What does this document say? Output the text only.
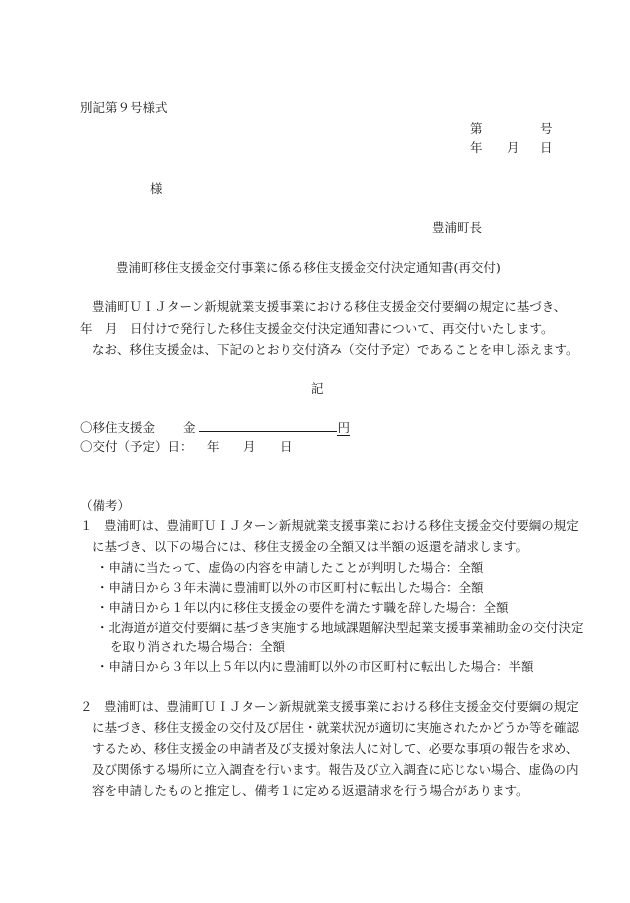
別記第９号様式
第	号
年 月 日
様
豊浦町長
豊浦町移住支援金交付事業に係る移住支援金交付決定通知書(再交付)
豊浦町ＵＩＪターン新規就業支援事業における移住支援金交付要綱の規定に基づき、
年　月　日付けで発行した移住支援金交付決定通知書について、再交付いたします。
なお、移住支援金は、下記のとおり交付済み（交付予定）であることを申し添えます。
記
〇移住支援金 金	円
〇交付（予定）日： 年 月 日
（備考）
１ 豊浦町は、豊浦町ＵＩＪターン新規就業支援事業における移住支援金交付要綱の規定
に基づき、以下の場合には、移住支援金の全額又は半額の返還を請求します。
・申請に当たって、虚偽の内容を申請したことが判明した場合：全額
・申請日から３年未満に豊浦町以外の市区町村に転出した場合：全額
・申請日から１年以内に移住支援金の要件を満たす職を辞した場合：全額
・北海道が道交付要綱に基づき実施する地域課題解決型起業支援事業補助金の交付決定
を取り消された場合場合：全額
・申請日から３年以上５年以内に豊浦町以外の市区町村に転出した場合：半額
２ 豊浦町は、豊浦町ＵＩＪターン新規就業支援事業における移住支援金交付要綱の規定
に基づき、移住支援金の交付及び居住・就業状況が適切に実施されたかどうか等を確認
するため、移住支援金の申請者及び支援対象法人に対して、必要な事項の報告を求め、
及び関係する場所に立入調査を行います。報告及び立入調査に応じない場合、虚偽の内
容を申請したものと推定し、備考１に定める返還請求を行う場合があります。
